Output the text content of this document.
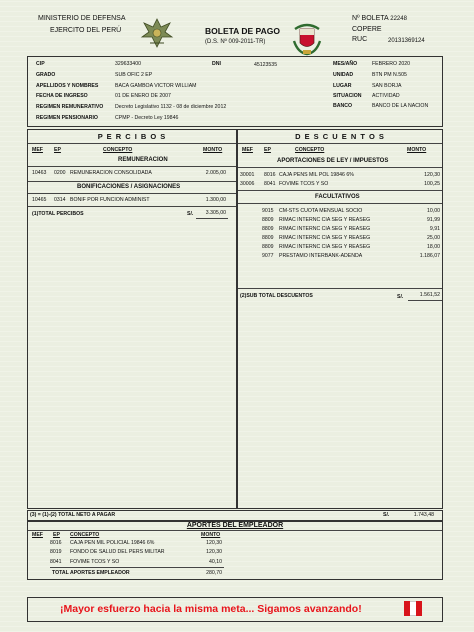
MINISTERIO DE DEFENSA
EJERCITO DEL PERÚ	BOLETA DE PAGO
(D.S. Nº 009-2011-TR)
Nº BOLETA 22248
COPERE
RUC	20131369124
CIP	329633400	DNI	45123535	MES/AÑO	FEBRERO 2020
GRADO	SUB OFIC 2 EP	UNIDAD	BTN PM N.505
APELLIDOS Y NOMBRES	BACA GAMBOA VICTOR WILLIAM	LUGAR	SAN BORJA
FECHA DE INGRESO	01 DE ENERO DE 2007	SITUACION ACTIVIDAD
REGIMEN REMUNERATIVO Decreto Legislativo 1132 - 08 de diciembre 2012	BANCO	BANCO DE LA NACION
REGIMEN PENSIONARIO	CPMP - Decreto Ley 19846
P E R C I B O S
MEF EP	CONCEPTO	MONTO
REMUNERACION
10463 0200 REMUNERACION CONSOLIDADA	2.005,00
BONIFICACIONES / ASIGNACIONES
10465 0314 BONIF POR FUNCION ADMINIST	1.300,00
(1)TOTAL PERCIBOS	S/.	3.305,00
D E S C U E N T O S
MEF EP	CONCEPTO	MONTO
APORTACIONES DE LEY / IMPUESTOS
30001 8016 CAJA PENS MIL POL 19846 6%	120,30
30006 8041 FOVIME TCOS Y SO	100,25
FACULTATIVOS
9015 CM-STS CUOTA MENSUAL SOCIO	10,00
8809 RIMAC INTERNC CIA SEG Y REASEG	91,99
8809 RIMAC INTERNC CIA SEG Y REASEG	9,91
8809 RIMAC INTERNC CIA SEG Y REASEG	25,00
8809 RIMAC INTERNC CIA SEG Y REASEG	18,00
9077 PRESTAMO INTERBANK-ADENDA	1.186,07
(2)SUB TOTAL DESCUENTOS	S/.	1.561,52
(3) = (1)-(2) TOTAL NETO A PAGAR	S/.	1.743,48
APORTES DEL EMPLEADOR
MEF EP CONCEPTO	MONTO
8016 CAJA PEN MIL POLICIAL 19846 6%	120,30
8019 FONDO DE SALUD DEL PERS MILITAR	120,30
8041 FOVIME TCOS Y SO	40,10
TOTAL APORTES EMPLEADOR	280,70
¡Mayor esfuerzo hacia la misma meta... Sigamos avanzando!
